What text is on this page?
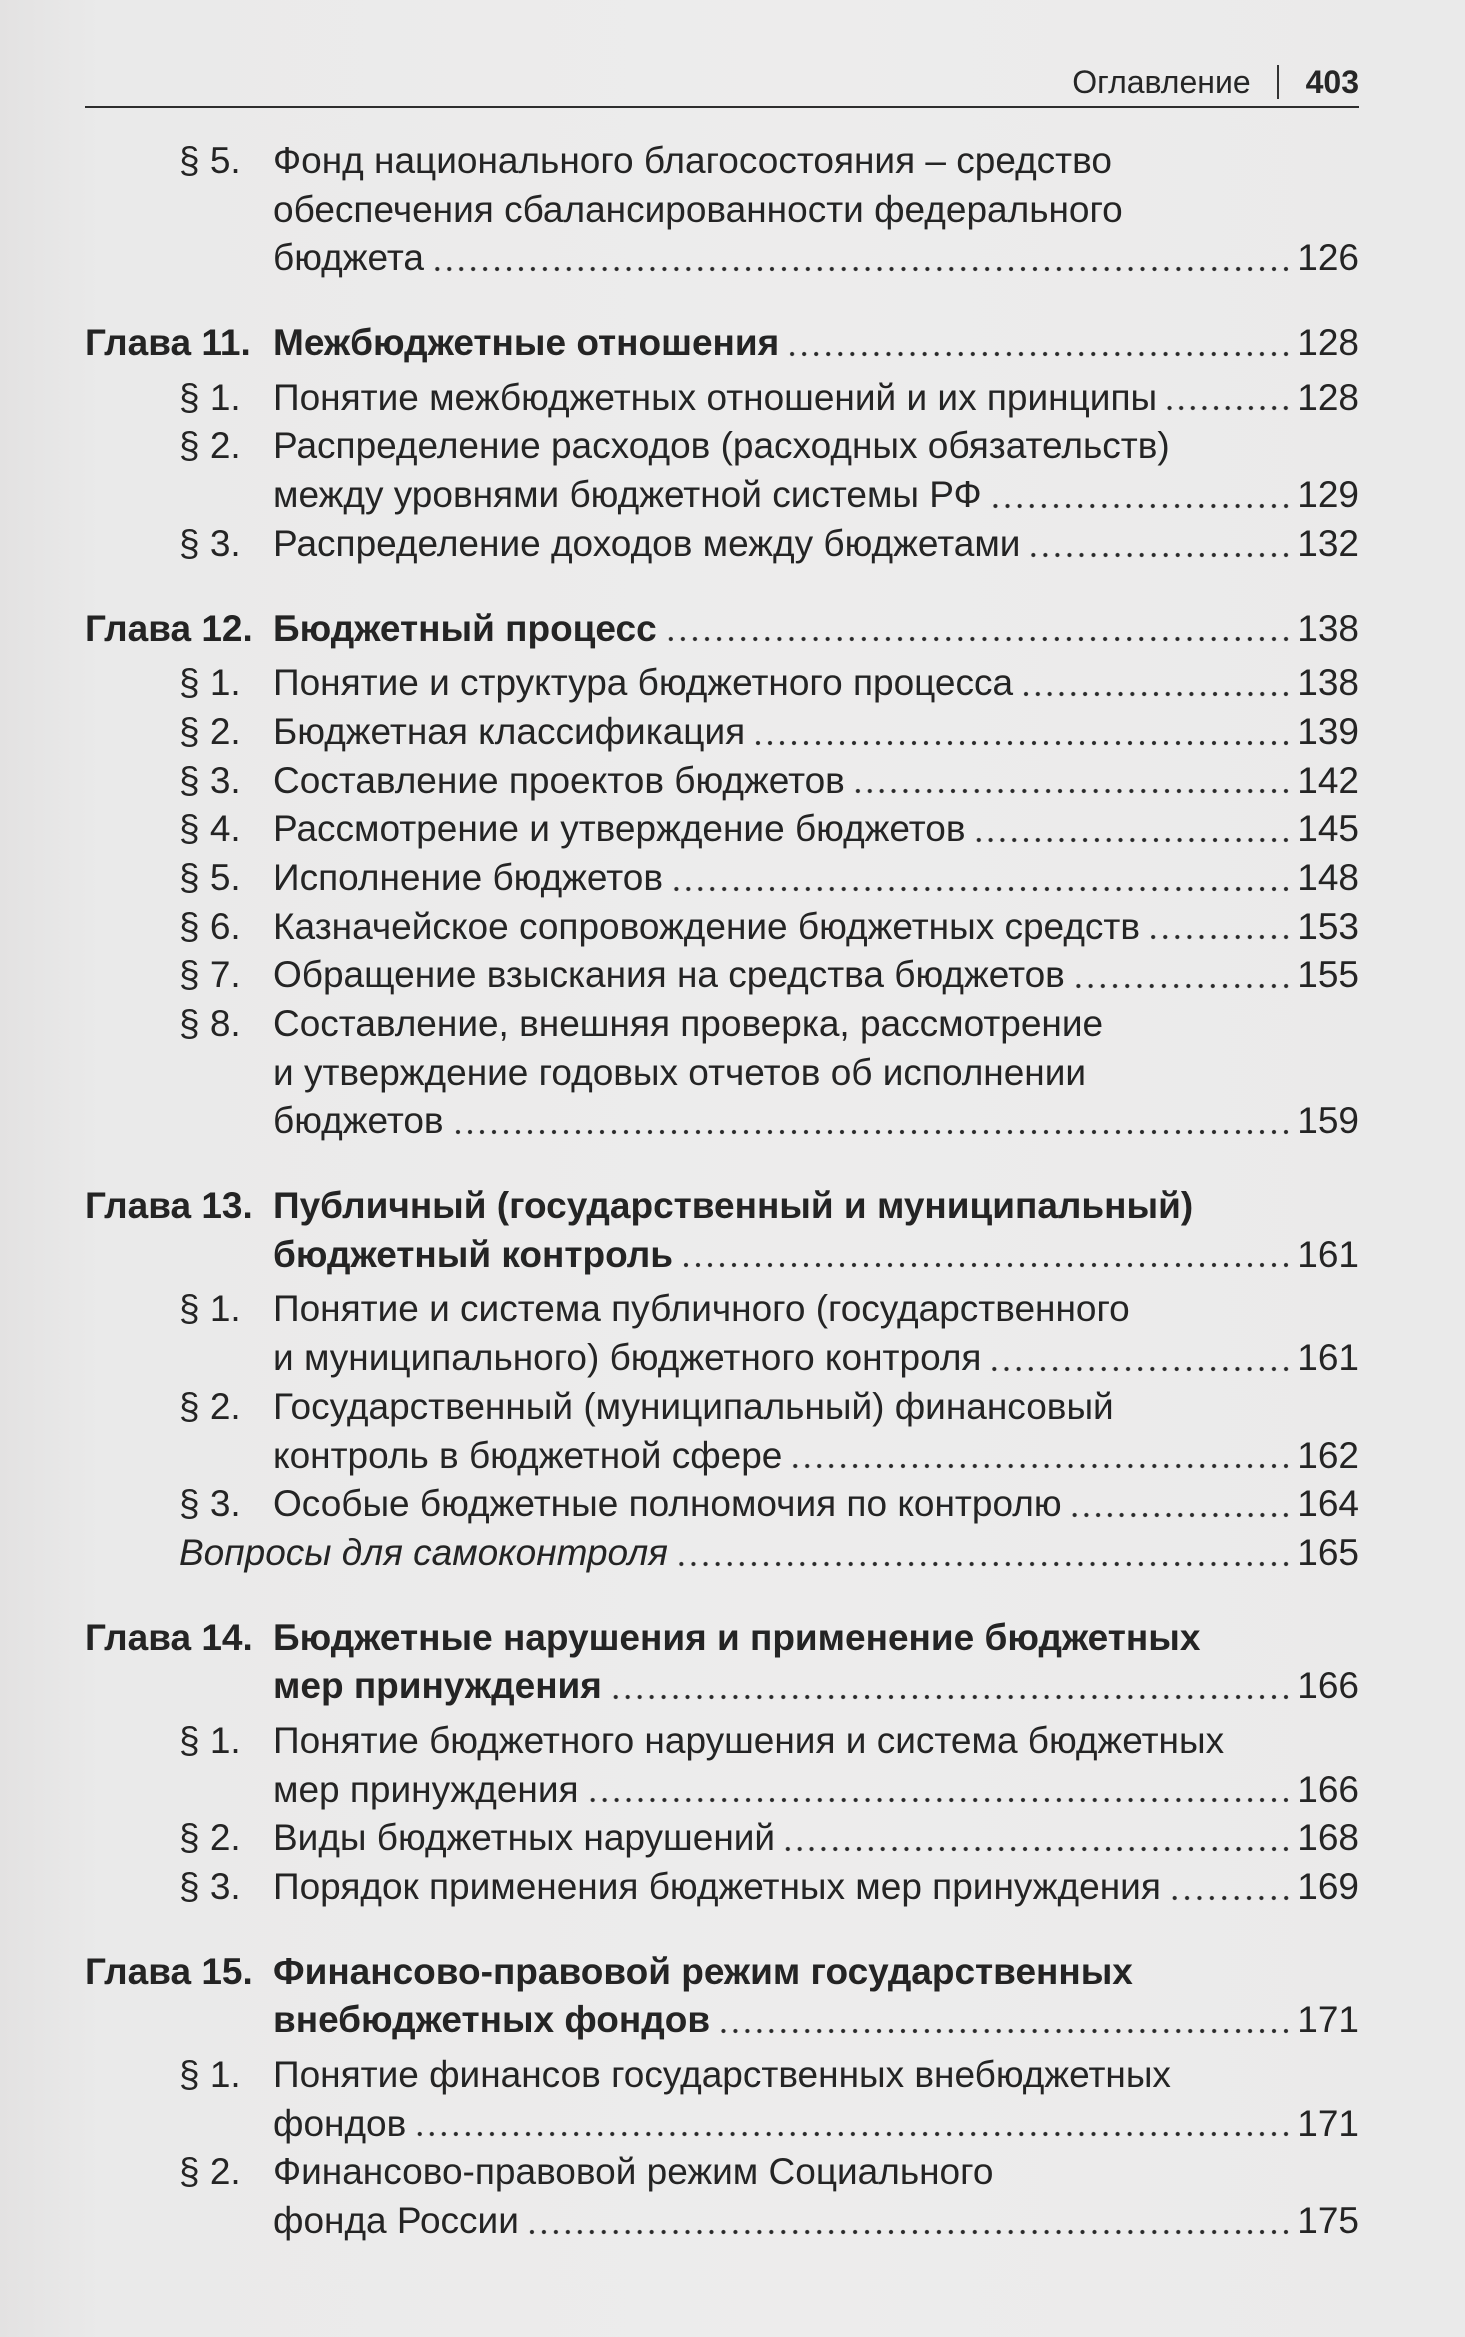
Оглавление 403
§ 5. Фонд национального благосостояния – средство
обеспечения сбалансированности федерального
бюджета	126
Глава 11. Межбюджетные отношения	128
§ 1. Понятие межбюджетных отношений и их принципы	128
§ 2. Распределение расходов (расходных обязательств)
между уровнями бюджетной системы РФ	129
§ 3. Распределение доходов между бюджетами	132
Глава 12. Бюджетный процесс	138
§ 1. Понятие и структура бюджетного процесса	138
§ 2. Бюджетная классификация	139
§ 3. Составление проектов бюджетов	142
§ 4. Рассмотрение и утверждение бюджетов	145
§ 5. Исполнение бюджетов	148
§ 6. Казначейское сопровождение бюджетных средств	153
§ 7. Обращение взыскания на средства бюджетов	155
§ 8. Составление, внешняя проверка, рассмотрение
и утверждение годовых отчетов об исполнении
бюджетов	159
Глава 13. Публичный (государственный и муниципальный)
бюджетный контроль	161
§ 1. Понятие и система публичного (государственного
и муниципального) бюджетного контроля	161
§ 2. Государственный (муниципальный) финансовый
контроль в бюджетной сфере	162
§ 3. Особые бюджетные полномочия по контролю	164
Вопросы для самоконтроля	165
Глава 14. Бюджетные нарушения и применение бюджетных
мер принуждения	166
§ 1. Понятие бюджетного нарушения и система бюджетных
мер принуждения	166
§ 2. Виды бюджетных нарушений	168
§ 3. Порядок применения бюджетных мер принуждения	169
Глава 15. Финансово-правовой режим государственных
внебюджетных фондов	171
§ 1. Понятие финансов государственных внебюджетных
фондов	171
§ 2. Финансово-правовой режим Социального
фонда России	175
